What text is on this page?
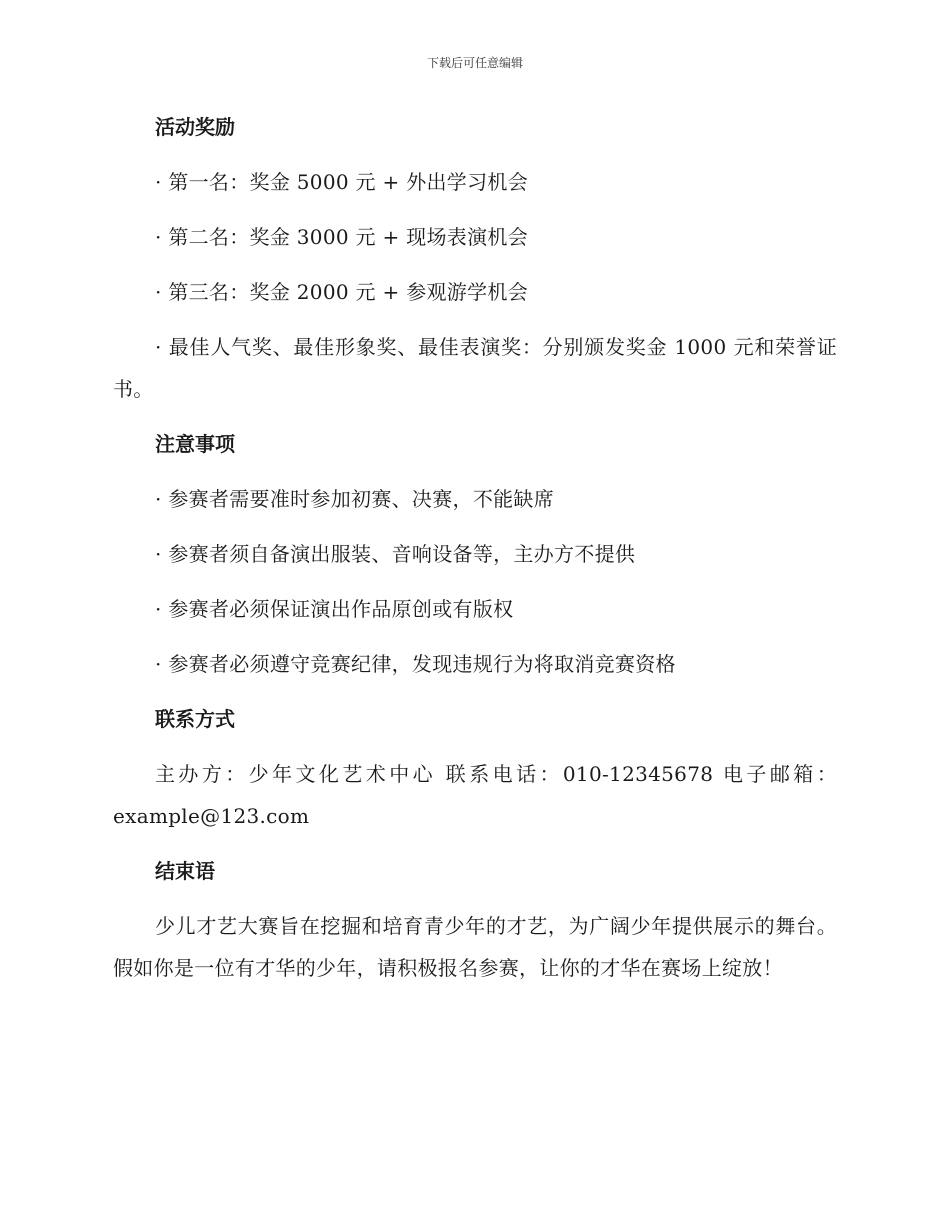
下载后可任意编辑
活动奖励

· 第一名：奖金 5000 元 + 外出学习机会

· 第二名：奖金 3000 元 + 现场表演机会

· 第三名：奖金 2000 元 + 参观游学机会

· 最佳人气奖、最佳形象奖、最佳表演奖：分别颁发奖金 1000 元和荣誉证书。

注意事项

· 参赛者需要准时参加初赛、决赛，不能缺席

· 参赛者须自备演出服装、音响设备等，主办方不提供

· 参赛者必须保证演出作品原创或有版权

· 参赛者必须遵守竞赛纪律，发现违规行为将取消竞赛资格

联系方式

主办方：少年文化艺术中心 联系电话：010-12345678 电子邮箱：example@123.com

结束语

少儿才艺大赛旨在挖掘和培育青少年的才艺，为广阔少年提供展示的舞台。假如你是一位有才华的少年，请积极报名参赛，让你的才华在赛场上绽放！
